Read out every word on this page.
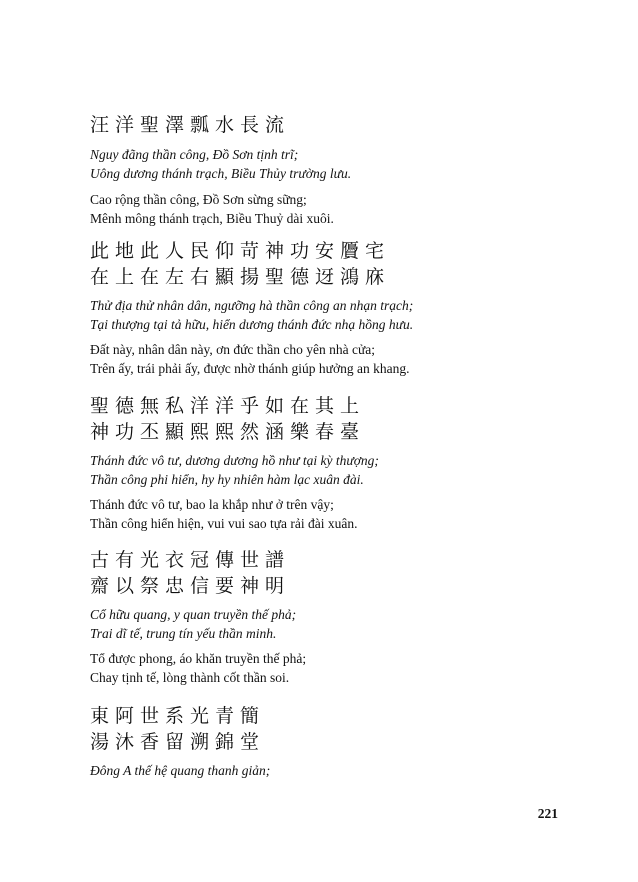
汪洋聖澤瓢水長流
Nguy đãng thần công, Đồ Sơn tịnh trĩ;
Uông dương thánh trạch, Biều Thủy trường lưu.
Cao rộng thần công, Đồ Sơn sừng sững;
Mênh mông thánh trạch, Biều Thuỷ dài xuôi.
此地此人民仰苛神功安贗宅
在上在左右顯揚聖德迓鴻庥
Thử địa thử nhân dân, ngưỡng hà thần công an nhạn trạch;
Tại thượng tại tả hữu, hiển dương thánh đức nhạ hồng hưu.
Đất này, nhân dân này, ơn đức thần cho yên nhà cửa;
Trên ấy, trái phải ấy, được nhờ thánh giúp hưởng an khang.
聖德無私洋洋乎如在其上
神功丕顯熙熙然涵樂春臺
Thánh đức vô tư, dương dương hồ như tại kỳ thượng;
Thần công phi hiển, hy hy nhiên hàm lạc xuân đài.
Thánh đức vô tư, bao la khắp như ở trên vậy;
Thần công hiển hiện, vui vui sao tựa rải đài xuân.
古有光衣冠傳世譜
齋以祭忠信要神明
Cổ hữu quang, y quan truyền thế phả;
Trai dĩ tế, trung tín yếu thần minh.
Tổ được phong, áo khăn truyền thế phả;
Chay tịnh tế, lòng thành cốt thần soi.
東阿世系光青簡
湯沐香留溯錦堂
Đông A thế hệ quang thanh giản;
221
